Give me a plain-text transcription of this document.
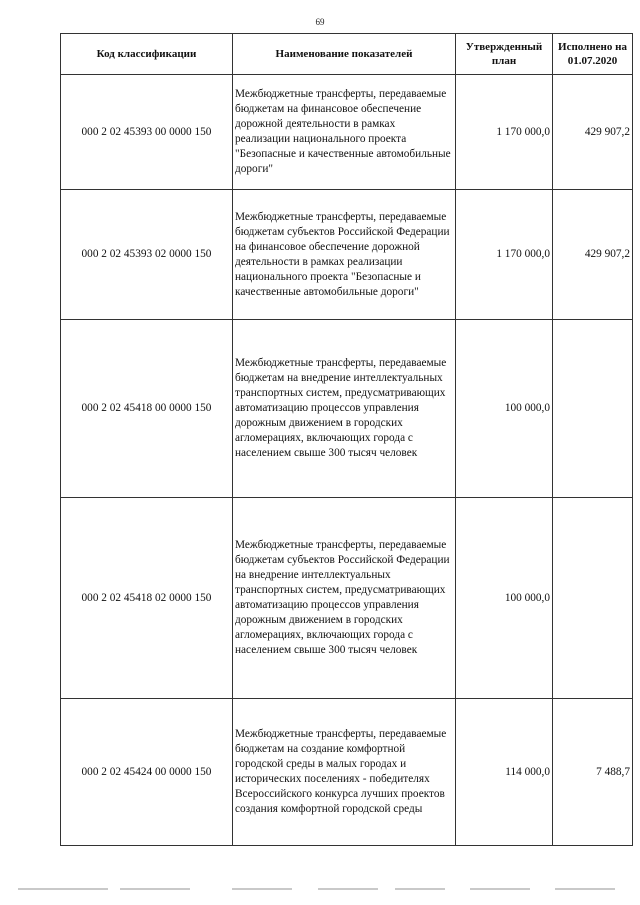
69
Код классификации	Наименование показателей	Утвержденный план	Исполнено на 01.07.2020
000 2 02 45393 00 0000 150	Межбюджетные трансферты, передаваемые бюджетам на финансовое обеспечение дорожной деятельности в рамках реализации национального проекта "Безопасные и качественные автомобильные дороги"	1 170 000,0	429 907,2
000 2 02 45393 02 0000 150	Межбюджетные трансферты, передаваемые бюджетам субъектов Российской Федерации на финансовое обеспечение дорожной деятельности в рамках реализации национального проекта "Безопасные и качественные автомобильные дороги"	1 170 000,0	429 907,2
000 2 02 45418 00 0000 150	Межбюджетные трансферты, передаваемые бюджетам на внедрение интеллектуальных транспортных систем, предусматривающих автоматизацию процессов управления дорожным движением в городских агломерациях, включающих города с населением свыше 300 тысяч человек	100 000,0	
000 2 02 45418 02 0000 150	Межбюджетные трансферты, передаваемые бюджетам субъектов Российской Федерации на внедрение интеллектуальных транспортных систем, предусматривающих автоматизацию процессов управления дорожным движением в городских агломерациях, включающих города с населением свыше 300 тысяч человек	100 000,0	
000 2 02 45424 00 0000 150	Межбюджетные трансферты, передаваемые бюджетам на создание комфортной городской среды в малых городах и исторических поселениях - победителях Всероссийского конкурса лучших проектов создания комфортной городской среды	114 000,0	7 488,7
